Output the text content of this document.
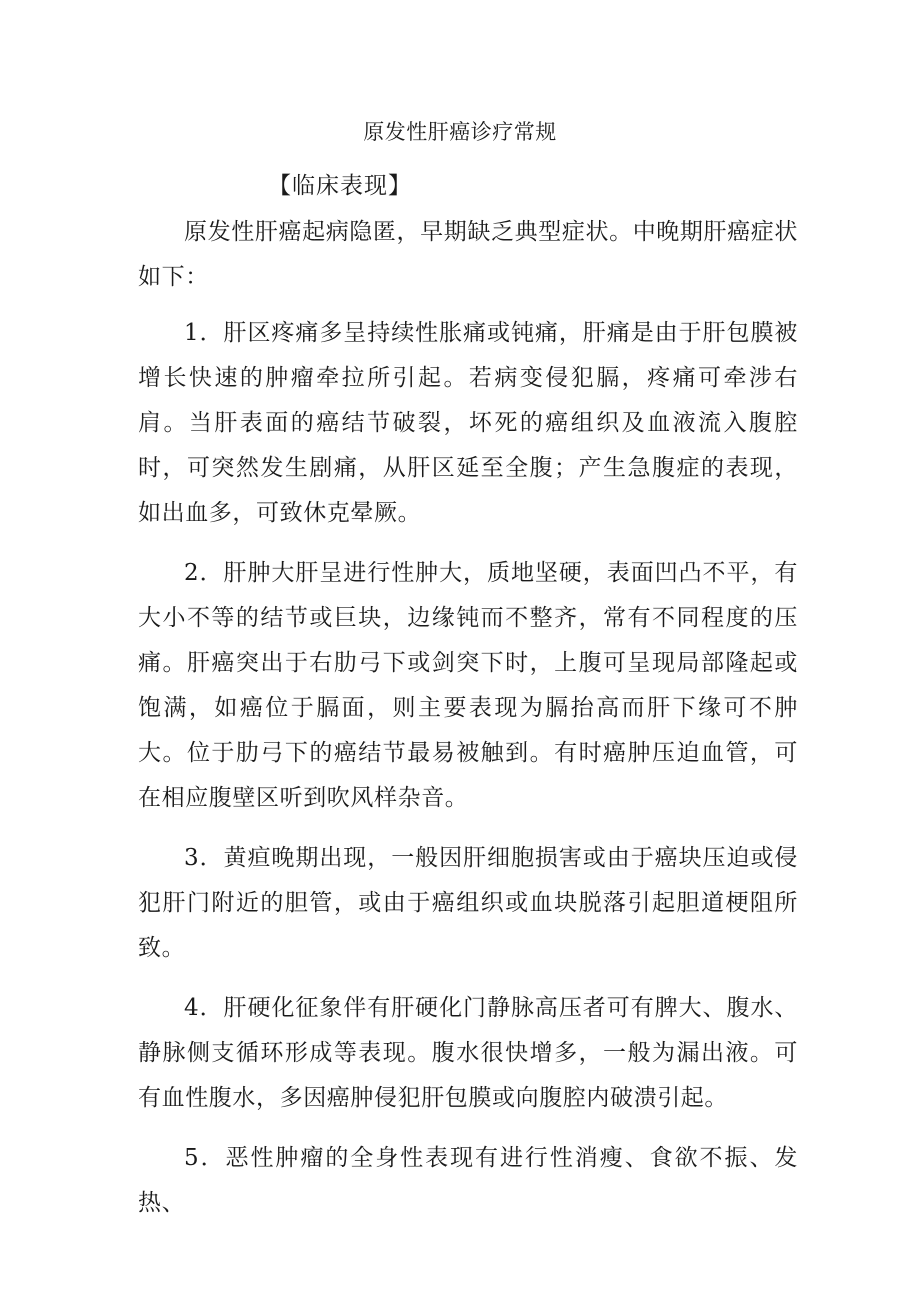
原发性肝癌诊疗常规
【临床表现】

原发性肝癌起病隐匿，早期缺乏典型症状。中晚期肝癌症状如下：

1．肝区疼痛多呈持续性胀痛或钝痛，肝痛是由于肝包膜被增长快速的肿瘤牵拉所引起。若病变侵犯膈，疼痛可牵涉右肩。当肝表面的癌结节破裂，坏死的癌组织及血液流入腹腔时，可突然发生剧痛，从肝区延至全腹；产生急腹症的表现，如出血多，可致休克晕厥。

2．肝肿大肝呈进行性肿大，质地坚硬，表面凹凸不平，有大小不等的结节或巨块，边缘钝而不整齐，常有不同程度的压痛。肝癌突出于右肋弓下或剑突下时，上腹可呈现局部隆起或饱满，如癌位于膈面，则主要表现为膈抬高而肝下缘可不肿大。位于肋弓下的癌结节最易被触到。有时癌肿压迫血管，可在相应腹壁区听到吹风样杂音。

3．黄疸晚期出现，一般因肝细胞损害或由于癌块压迫或侵犯肝门附近的胆管，或由于癌组织或血块脱落引起胆道梗阻所致。

4．肝硬化征象伴有肝硬化门静脉高压者可有脾大、腹水、静脉侧支循环形成等表现。腹水很快增多，一般为漏出液。可有血性腹水，多因癌肿侵犯肝包膜或向腹腔内破溃引起。

5．恶性肿瘤的全身性表现有进行性消瘦、食欲不振、发热、
